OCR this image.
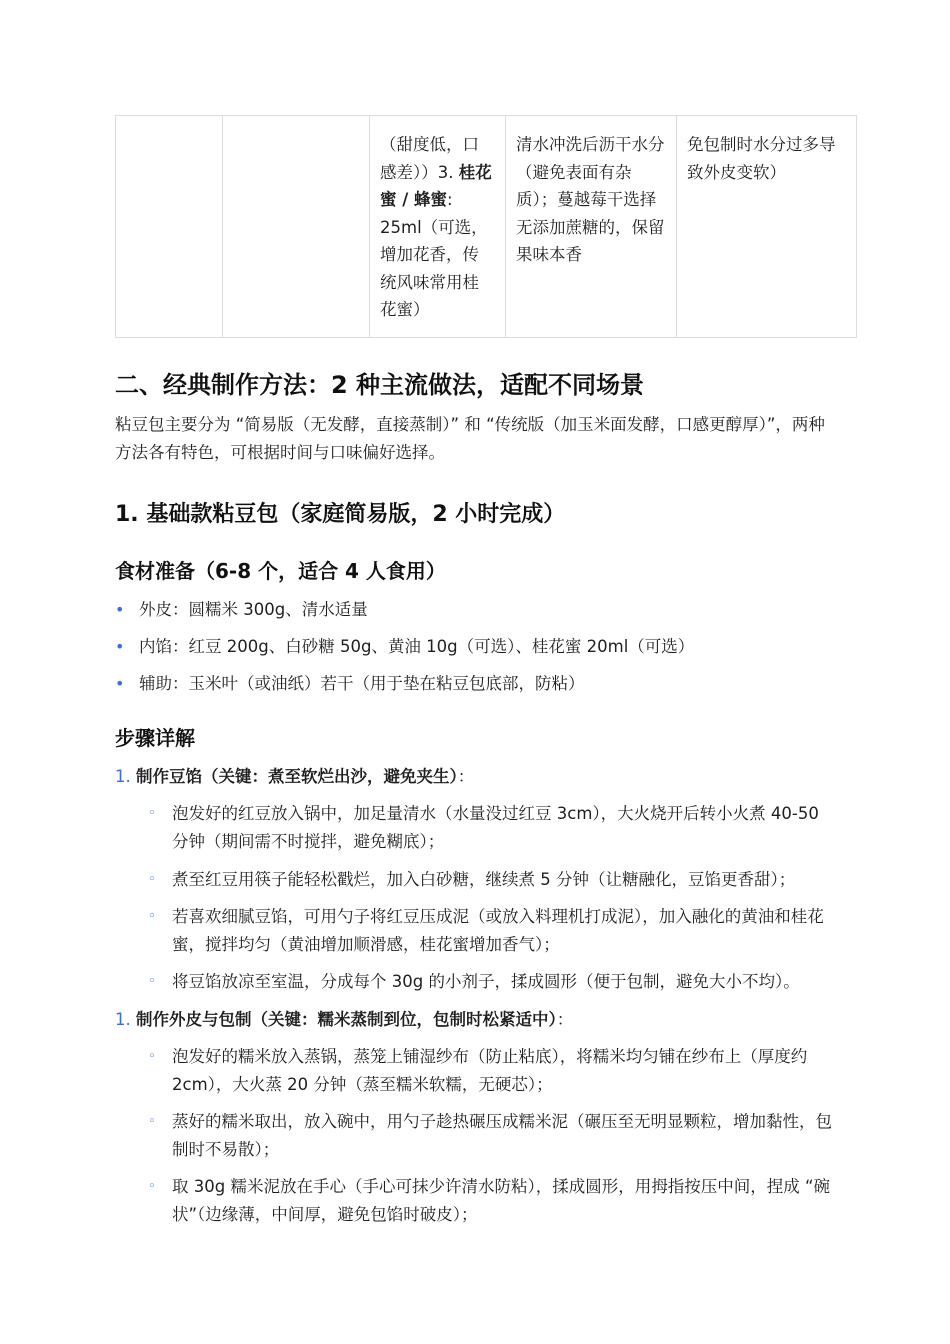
		（甜度低，口感差））3. 桂花蜜 / 蜂蜜: 25ml（可选，增加花香，传统风味常用桂花蜜）	清水冲洗后沥干水分（避免表面有杂质）；蔓越莓干选择无添加蔗糖的，保留果味本香	免包制时水分过多导致外皮变软）
二、经典制作方法：2 种主流做法，适配不同场景

粘豆包主要分为 “简易版（无发酵，直接蒸制）” 和 “传统版（加玉米面发酵，口感更醇厚）”，两种方法各有特色，可根据时间与口味偏好选择。

1. 基础款粘豆包（家庭简易版，2 小时完成）
食材准备（6-8 个，适合 4 人食用）
• 外皮：圆糯米 300g、清水适量
• 内馅：红豆 200g、白砂糖 50g、黄油 10g（可选）、桂花蜜 20ml（可选）
• 辅助：玉米叶（或油纸）若干（用于垫在粘豆包底部，防粘）
步骤详解
1. 制作豆馅（关键：煮至软烂出沙，避免夹生）：
◦ 泡发好的红豆放入锅中，加足量清水（水量没过红豆 3cm），大火烧开后转小火煮 40-50 分钟（期间需不时搅拌，避免糊底）；
◦ 煮至红豆用筷子能轻松戳烂，加入白砂糖，继续煮 5 分钟（让糖融化，豆馅更香甜）；
◦ 若喜欢细腻豆馅，可用勺子将红豆压成泥（或放入料理机打成泥），加入融化的黄油和桂花蜜，搅拌均匀（黄油增加顺滑感，桂花蜜增加香气）；
◦ 将豆馅放凉至室温，分成每个 30g 的小剂子，揉成圆形（便于包制，避免大小不均）。
1. 制作外皮与包制（关键：糯米蒸制到位，包制时松紧适中）：
◦ 泡发好的糯米放入蒸锅，蒸笼上铺湿纱布（防止粘底），将糯米均匀铺在纱布上（厚度约 2cm），大火蒸 20 分钟（蒸至糯米软糯，无硬芯）；
◦ 蒸好的糯米取出，放入碗中，用勺子趁热碾压成糯米泥（碾压至无明显颗粒，增加黏性，包制时不易散）；
◦ 取 30g 糯米泥放在手心（手心可抹少许清水防粘），揉成圆形，用拇指按压中间，捏成 “碗状”（边缘薄，中间厚，避免包馅时破皮）；
